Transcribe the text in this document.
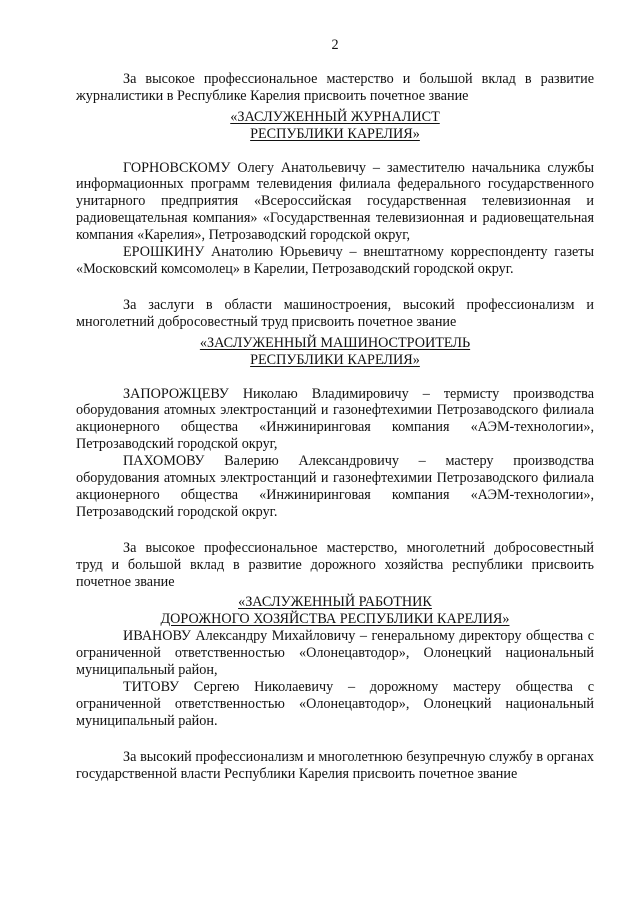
2

За высокое профессиональное мастерство и большой вклад в развитие журналистики в Республике Карелия присвоить почетное звание

«ЗАСЛУЖЕННЫЙ ЖУРНАЛИСТ
РЕСПУБЛИКИ КАРЕЛИЯ»

ГОРНОВСКОМУ Олегу Анатольевичу – заместителю начальника службы информационных программ телевидения филиала федерального государственного унитарного предприятия «Всероссийская государственная телевизионная и радиовещательная компания» «Государственная телевизионная и радиовещательная компания «Карелия», Петрозаводский городской округ,

ЕРОШКИНУ Анатолию Юрьевичу – внештатному корреспонденту газеты «Московский комсомолец» в Карелии, Петрозаводский городской округ.

За заслуги в области машиностроения, высокий профессионализм и многолетний добросовестный труд присвоить почетное звание

«ЗАСЛУЖЕННЫЙ МАШИНОСТРОИТЕЛЬ
РЕСПУБЛИКИ КАРЕЛИЯ»

ЗАПОРОЖЦЕВУ Николаю Владимировичу – термисту производства оборудования атомных электростанций и газонефтехимии Петрозаводского филиала акционерного общества «Инжиниринговая компания «АЭМ-технологии», Петрозаводский городской округ,

ПАХОМОВУ Валерию Александровичу – мастеру производства оборудования атомных электростанций и газонефтехимии Петрозаводского филиала акционерного общества «Инжиниринговая компания «АЭМ-технологии», Петрозаводский городской округ.

За высокое профессиональное мастерство, многолетний добросовестный труд и большой вклад в развитие дорожного хозяйства республики присвоить почетное звание

«ЗАСЛУЖЕННЫЙ РАБОТНИК
ДОРОЖНОГО ХОЗЯЙСТВА РЕСПУБЛИКИ КАРЕЛИЯ»

ИВАНОВУ Александру Михайловичу – генеральному директору общества с ограниченной ответственностью «Олонецавтодор», Олонецкий национальный муниципальный район,

ТИТОВУ Сергею Николаевичу – дорожному мастеру общества с ограниченной ответственностью «Олонецавтодор», Олонецкий национальный муниципальный район.

За высокий профессионализм и многолетнюю безупречную службу в органах государственной власти Республики Карелия присвоить почетное звание
